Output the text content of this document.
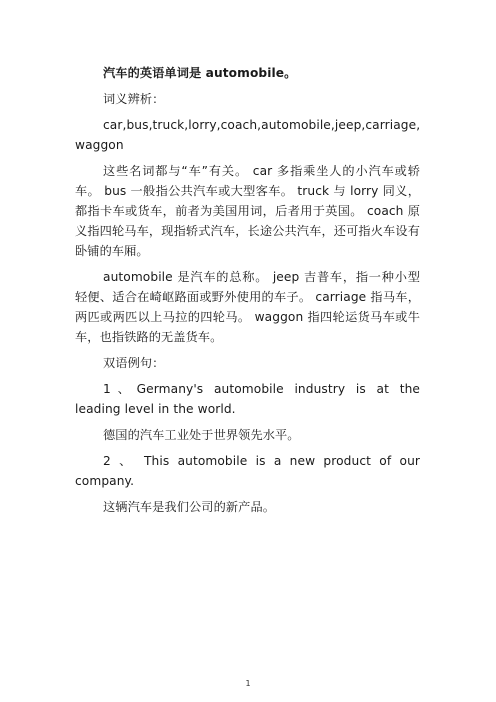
汽车的英语单词是 automobile。

词义辨析：

car,bus,truck,lorry,coach,automobile,jeep,carriage, waggon

这些名词都与“车”有关。 car 多指乘坐人的小汽车或轿车。 bus 一般指公共汽车或大型客车。 truck 与 lorry 同义，都指卡车或货车，前者为美国用词，后者用于英国。 coach 原义指四轮马车，现指轿式汽车，长途公共汽车，还可指火车设有卧铺的车厢。

automobile 是汽车的总称。 jeep 吉普车，指一种小型轻便、适合在崎岖路面或野外使用的车子。 carriage 指马车，两匹或两匹以上马拉的四轮马。 waggon 指四轮运货马车或牛车，也指铁路的无盖货车。

双语例句：

1、Germany's automobile industry is at the leading level in the world.

德国的汽车工业处于世界领先水平。

2 、 This automobile is a new product of our company.

这辆汽车是我们公司的新产品。

1
